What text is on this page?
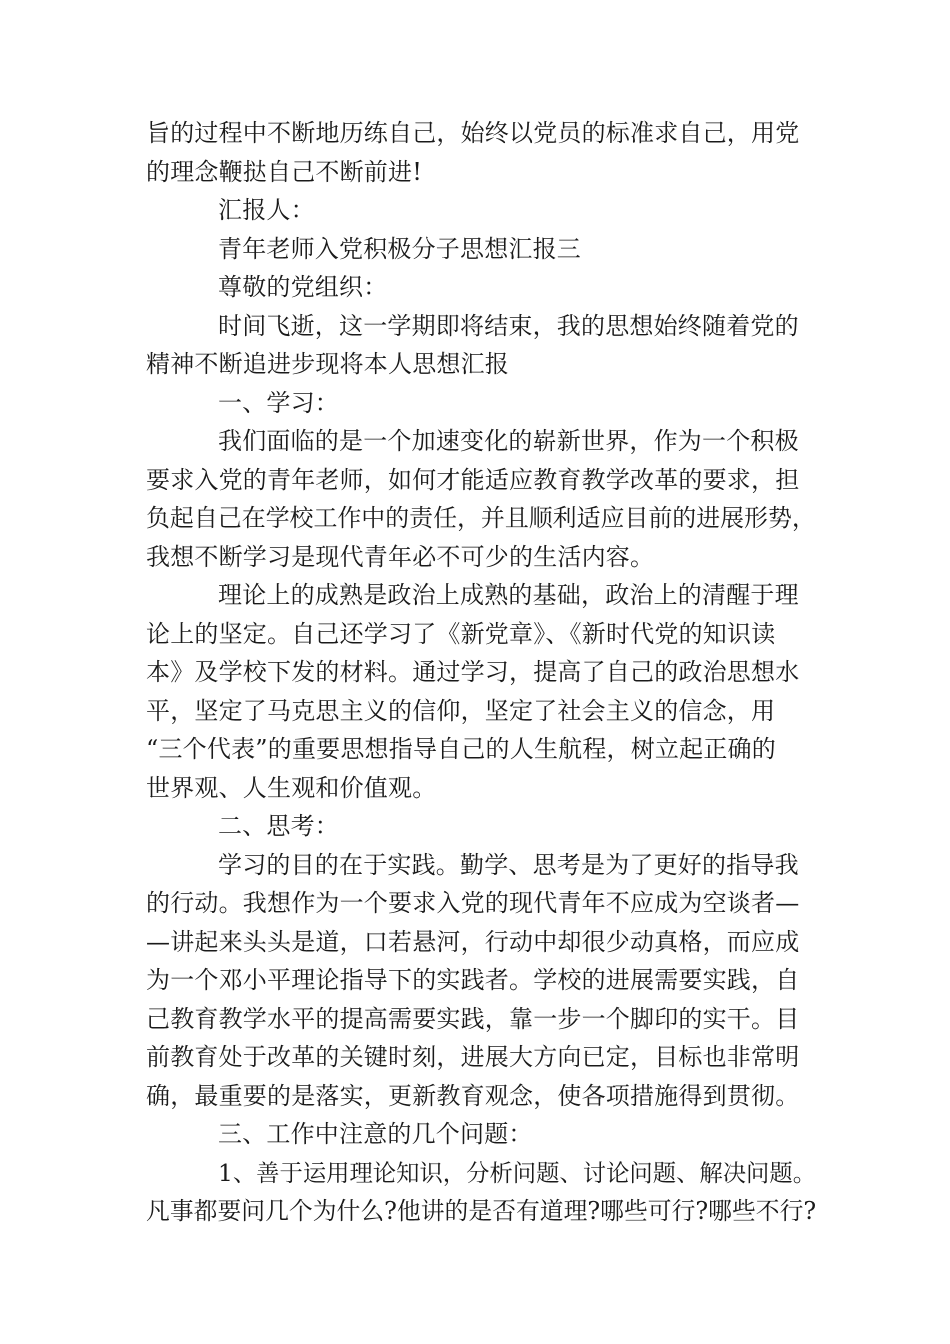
旨的过程中不断地历练自己，始终以党员的标准求自己，用党
的理念鞭挞自己不断前进!
汇报人：
青年老师入党积极分子思想汇报三
尊敬的党组织：
时间飞逝，这一学期即将结束，我的思想始终随着党的
精神不断追进步现将本人思想汇报
一、学习：
我们面临的是一个加速变化的崭新世界，作为一个积极
要求入党的青年老师，如何才能适应教育教学改革的要求，担
负起自己在学校工作中的责任，并且顺利适应目前的进展形势，
我想不断学习是现代青年必不可少的生活内容。
理论上的成熟是政治上成熟的基础，政治上的清醒于理
论上的坚定。自己还学习了《新党章》、《新时代党的知识读
本》及学校下发的材料。通过学习，提高了自己的政治思想水
平，坚定了马克思主义的信仰，坚定了社会主义的信念，用
“三个代表”的重要思想指导自己的人生航程，树立起正确的
世界观、人生观和价值观。
二、思考：
学习的目的在于实践。勤学、思考是为了更好的指导我
的行动。我想作为一个要求入党的现代青年不应成为空谈者—
—讲起来头头是道，口若悬河，行动中却很少动真格，而应成
为一个邓小平理论指导下的实践者。学校的进展需要实践，自
己教育教学水平的提高需要实践，靠一步一个脚印的实干。目
前教育处于改革的关键时刻，进展大方向已定，目标也非常明
确，最重要的是落实，更新教育观念，使各项措施得到贯彻。
三、工作中注意的几个问题：
1、善于运用理论知识，分析问题、讨论问题、解决问题。
凡事都要问几个为什么?他讲的是否有道理?哪些可行?哪些不行?
